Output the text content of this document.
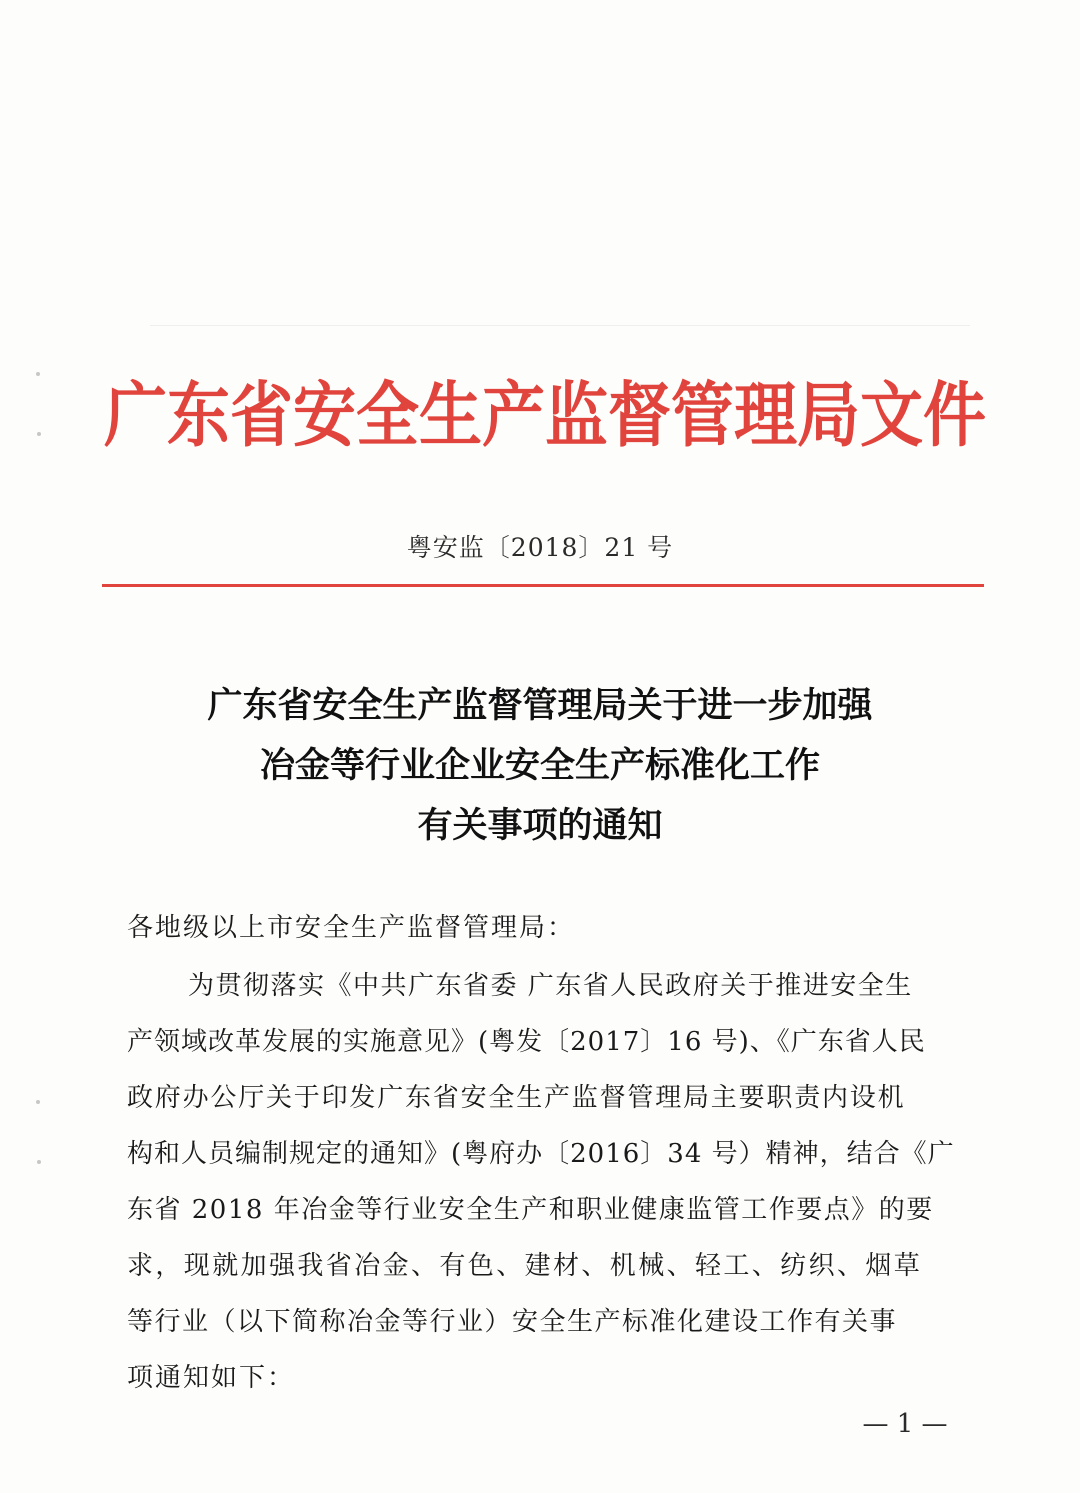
广东省安全生产监督管理局文件
粤安监〔2018〕21 号
广东省安全生产监督管理局关于进一步加强
冶金等行业企业安全生产标准化工作
有关事项的通知
各地级以上市安全生产监督管理局：
为贯彻落实《中共广东省委 广东省人民政府关于推进安全生
产领域改革发展的实施意见》(粤发〔2017〕16 号)、《广东省人民
政府办公厅关于印发广东省安全生产监督管理局主要职责内设机
构和人员编制规定的通知》(粤府办〔2016〕34 号）精神，结合《广
东省 2018 年冶金等行业安全生产和职业健康监管工作要点》的要
求，现就加强我省冶金、有色、建材、机械、轻工、纺织、烟草
等行业（以下简称冶金等行业）安全生产标准化建设工作有关事
项通知如下：
— 1 —
